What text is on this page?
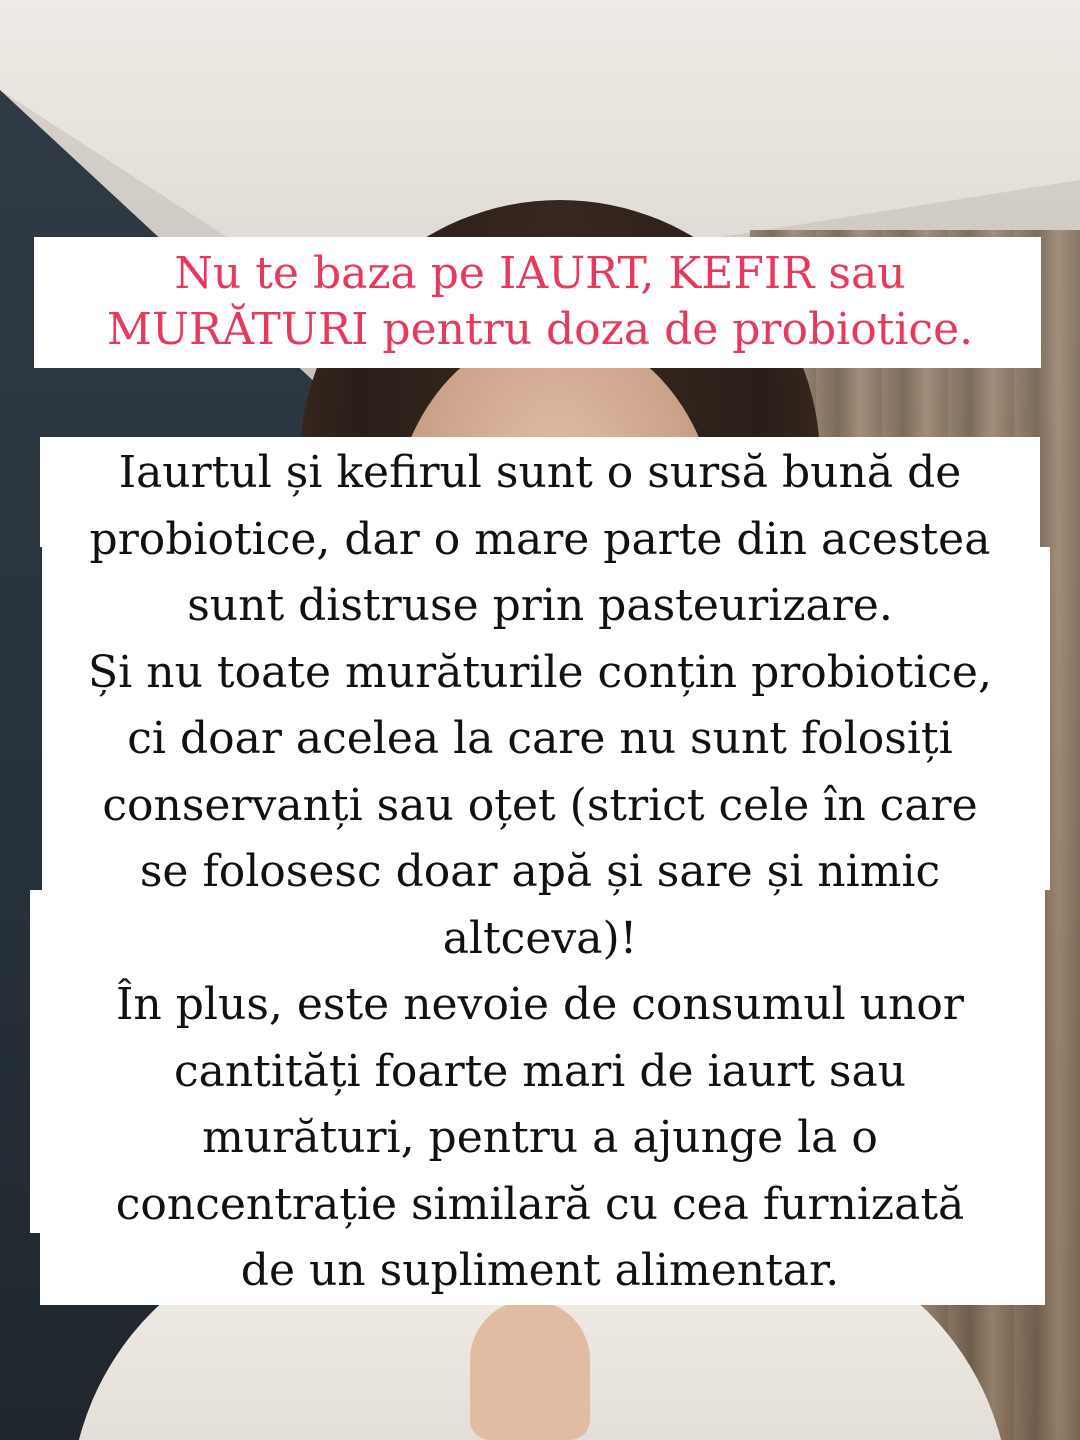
Nu te baza pe IAURT, KEFIR sau
MURĂTURI pentru doza de probiotice.
Iaurtul și kefirul sunt o sursă bună de
probiotice, dar o mare parte din acestea
sunt distruse prin pasteurizare.
Și nu toate murăturile conțin probiotice,
ci doar acelea la care nu sunt folosiți
conservanți sau oțet (strict cele în care
se folosesc doar apă și sare și nimic
altceva)!
În plus, este nevoie de consumul unor
cantități foarte mari de iaurt sau
murături, pentru a ajunge la o
concentrație similară cu cea furnizată
de un supliment alimentar.
